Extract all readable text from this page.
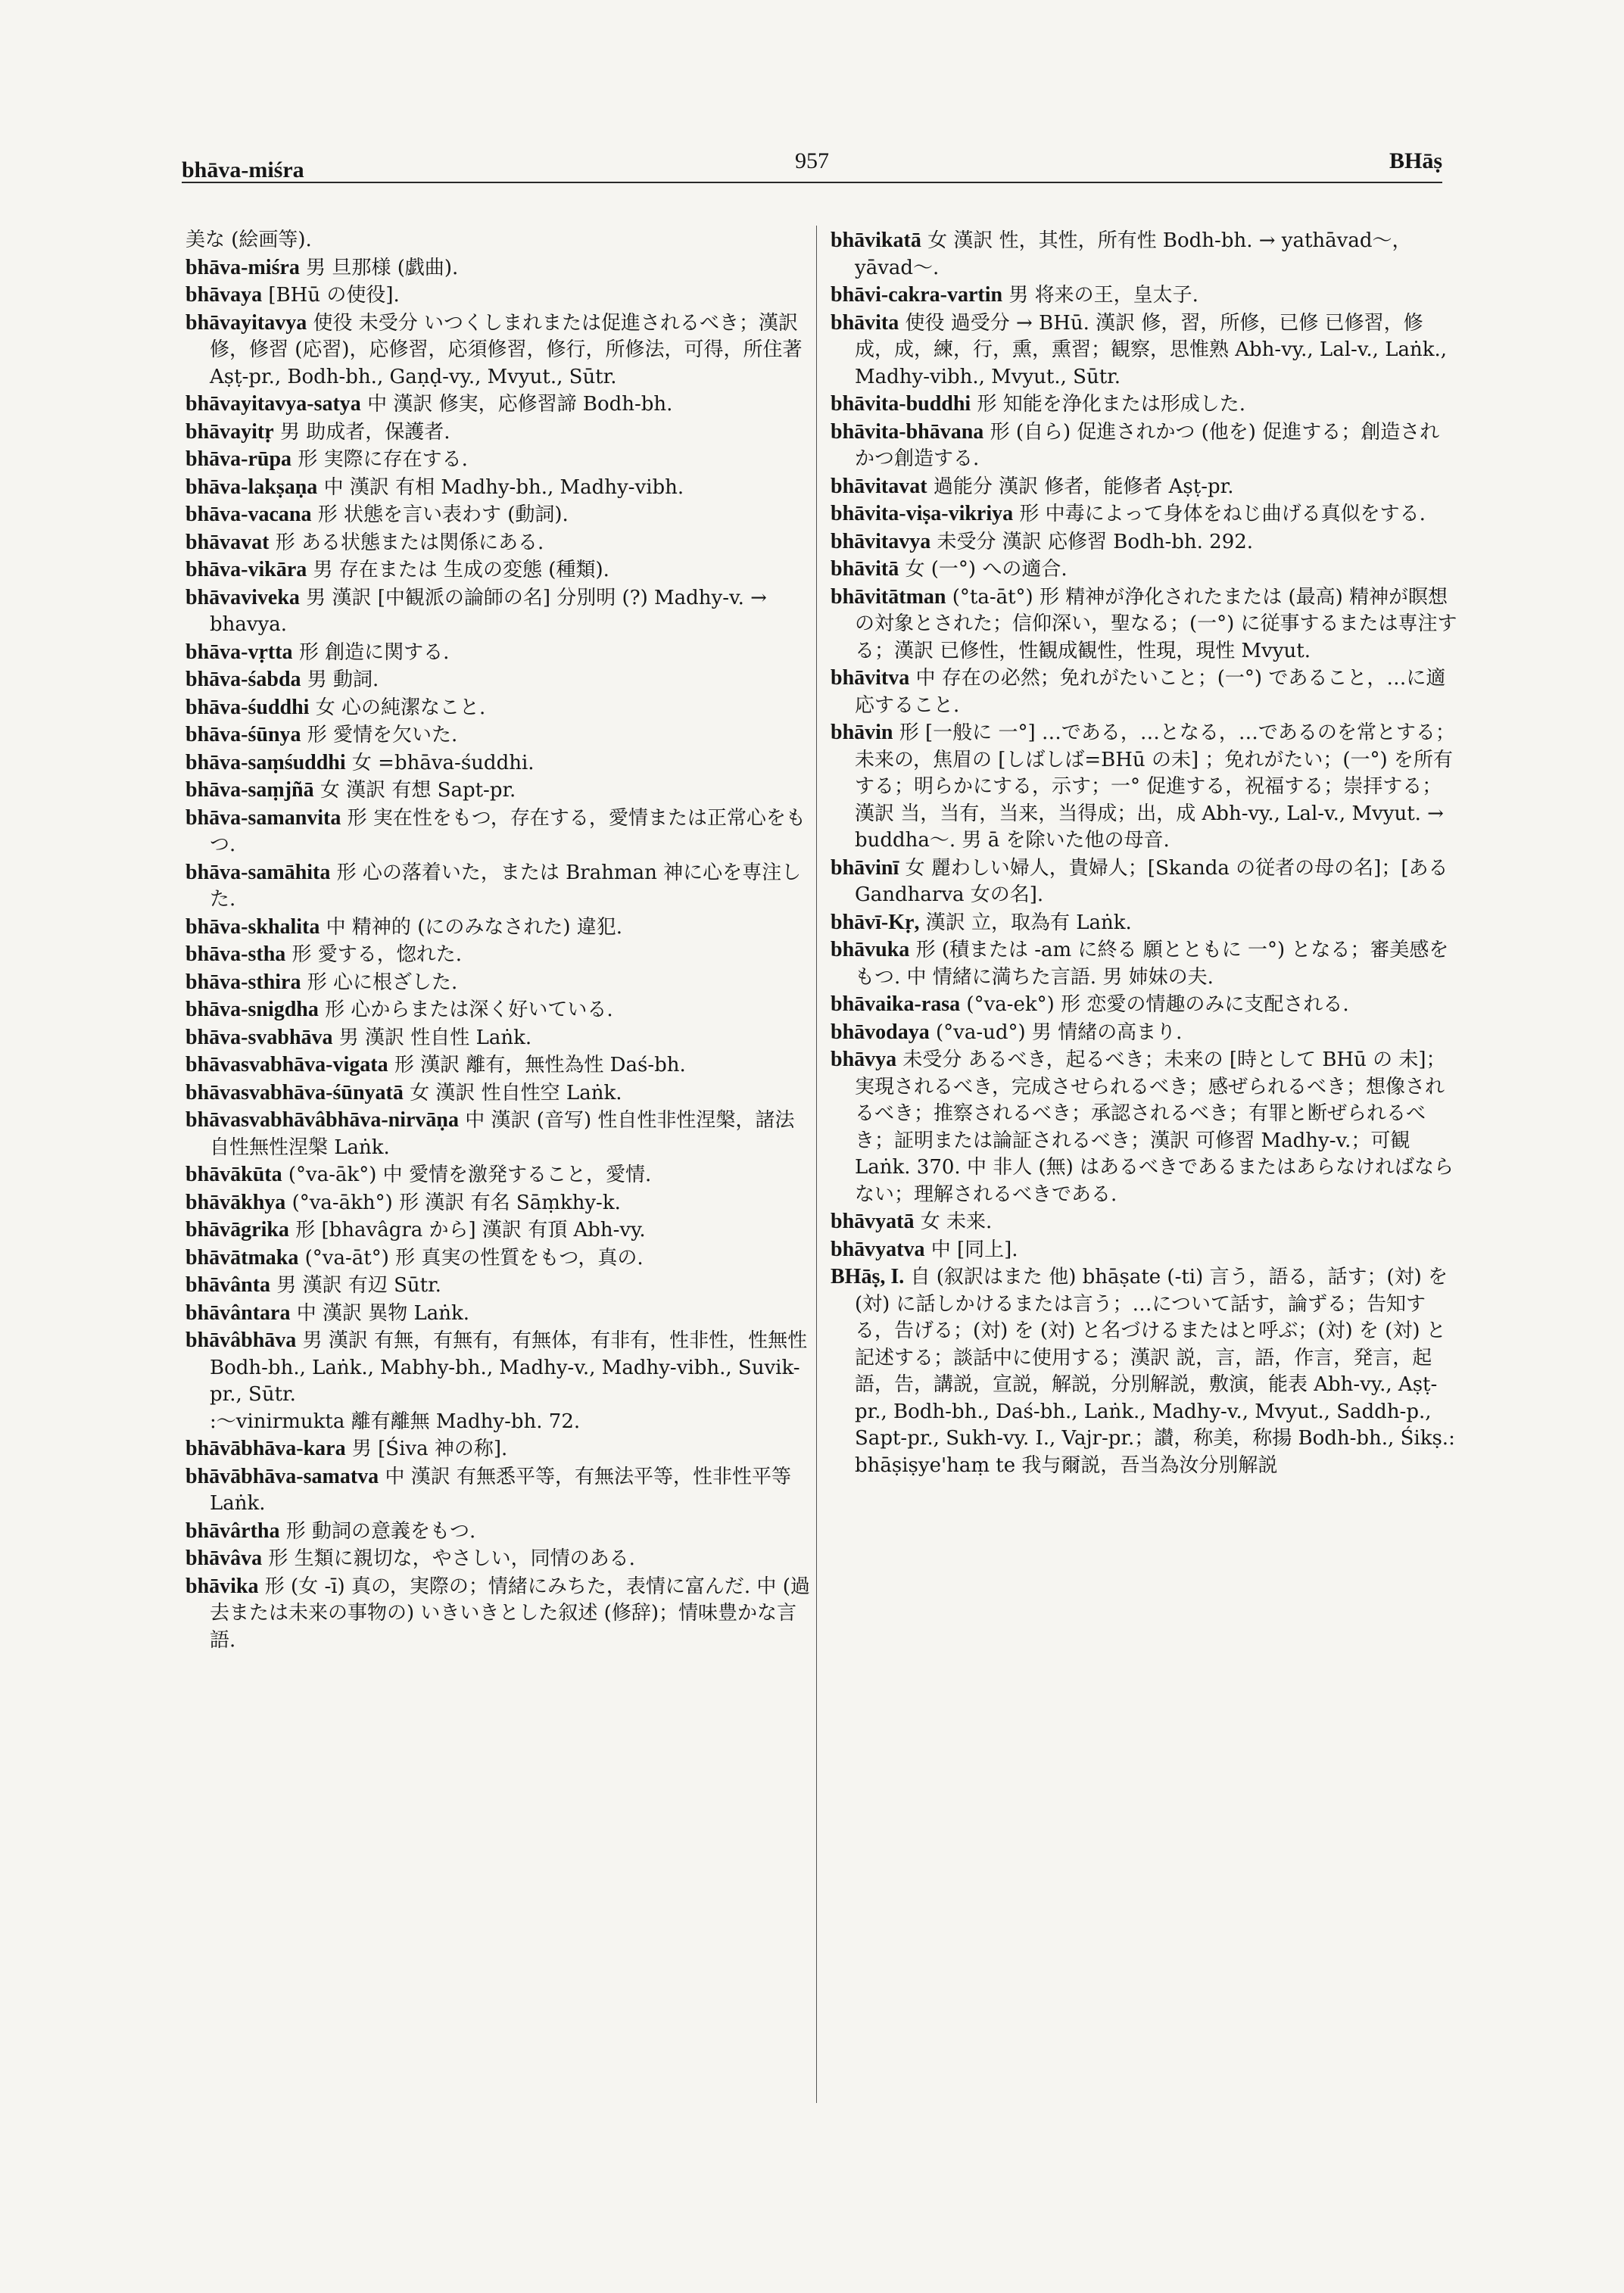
bhāva-miśra	957	BHāṣ

美な (絵画等).

bhāva-miśra 男 旦那様 (戯曲).

bhāvaya [BHū の使役].

bhāvayitavya 使役 未受分 いつくしまれまたは促進されるべき；漢訳 修，修習 (応習)，応修習，応須修習，修行，所修法，可得，所住著 Aṣṭ-pr., Bodh-bh., Gaṇḍ-vy., Mvyut., Sūtr.

bhāvayitavya-satya 中 漢訳 修実，応修習諦 Bodh-bh.

bhāvayitṛ 男 助成者，保護者.

bhāva-rūpa 形 実際に存在する.

bhāva-lakṣaṇa 中 漢訳 有相 Madhy-bh., Madhy-vibh.

bhāva-vacana 形 状態を言い表わす (動詞).

bhāvavat 形 ある状態または関係にある.

bhāva-vikāra 男 存在または 生成の変態 (種類).

bhāvaviveka 男 漢訳 [中観派の論師の名] 分別明 (?) Madhy-v. → bhavya.

bhāva-vṛtta 形 創造に関する.

bhāva-śabda 男 動詞.

bhāva-śuddhi 女 心の純潔なこと.

bhāva-śūnya 形 愛情を欠いた.

bhāva-saṃśuddhi 女 =bhāva-śuddhi.

bhāva-saṃjñā 女 漢訳 有想 Sapt-pr.

bhāva-samanvita 形 実在性をもつ，存在する，愛情または正常心をもつ.

bhāva-samāhita 形 心の落着いた，または Brahman 神に心を専注した.

bhāva-skhalita 中 精神的 (にのみなされた) 違犯.

bhāva-stha 形 愛する，惚れた.

bhāva-sthira 形 心に根ざした.

bhāva-snigdha 形 心からまたは深く好いている.

bhāva-svabhāva 男 漢訳 性自性 Laṅk.

bhāvasvabhāva-vigata 形 漢訳 離有，無性為性 Daś-bh.

bhāvasvabhāva-śūnyatā 女 漢訳 性自性空 Laṅk.

bhāvasvabhāvâbhāva-nirvāṇa 中 漢訳 (音写) 性自性非性涅槃，諸法自性無性涅槃 Laṅk.

bhāvākūta (°va-āk°) 中 愛情を激発すること，愛情.

bhāvākhya (°va-ākh°) 形 漢訳 有名 Sāṃkhy-k.

bhāvāgrika 形 [bhavâgra から] 漢訳 有頂 Abh-vy.

bhāvātmaka (°va-āt°) 形 真実の性質をもつ，真の.

bhāvânta 男 漢訳 有辺 Sūtr.

bhāvântara 中 漢訳 異物 Laṅk.

bhāvâbhāva 男 漢訳 有無，有無有，有無体，有非有，性非性，性無性 Bodh-bh., Laṅk., Mabhy-bh., Madhy-v., Madhy-vibh., Suvik-pr., Sūtr.

:～vinirmukta 離有離無 Madhy-bh. 72.

bhāvābhāva-kara 男 [Śiva 神の称].

bhāvābhāva-samatva 中 漢訳 有無悉平等，有無法平等，性非性平等 Laṅk.

bhāvârtha 形 動詞の意義をもつ.

bhāvâva 形 生類に親切な，やさしい，同情のある.

bhāvika 形 (女 -ī) 真の，実際の；情緒にみちた，表情に富んだ. 中 (過去または未来の事物の) いきいきとした叙述 (修辞)；情味豊かな言語.

bhāvikatā 女 漢訳 性，其性，所有性 Bodh-bh. → yathāvad～，yāvad～.

bhāvi-cakra-vartin 男 将来の王，皇太子.

bhāvita 使役 過受分 → BHū. 漢訳 修，習，所修，已修 已修習，修成，成，練，行，熏，熏習；観察，思惟熟 Abh-vy., Lal-v., Laṅk., Madhy-vibh., Mvyut., Sūtr.

bhāvita-buddhi 形 知能を浄化または形成した.

bhāvita-bhāvana 形 (自ら) 促進されかつ (他を) 促進する；創造されかつ創造する.

bhāvitavat 過能分 漢訳 修者，能修者 Aṣṭ-pr.

bhāvita-viṣa-vikriya 形 中毒によって身体をねじ曲げる真似をする.

bhāvitavya 未受分 漢訳 応修習 Bodh-bh. 292.

bhāvitā 女 (一°) への適合.

bhāvitātman (°ta-āt°) 形 精神が浄化されたまたは (最高) 精神が瞑想の対象とされた；信仰深い，聖なる；(一°) に従事するまたは専注する；漢訳 已修性，性観成観性，性現，現性 Mvyut.

bhāvitva 中 存在の必然；免れがたいこと；(一°) であること，…に適応すること.

bhāvin 形 [一般に 一°] …である，…となる，…であるのを常とする；未来の，焦眉の [しばしば=BHū の未] ；免れがたい；(一°) を所有する；明らかにする，示す；一° 促進する，祝福する；崇拝する；漢訳 当，当有，当来，当得成；出，成 Abh-vy., Lal-v., Mvyut. → buddha～. 男 ā を除いた他の母音.

bhāvinī 女 麗わしい婦人，貴婦人；[Skanda の従者の母の名]；[ある Gandharva 女の名].

bhāvī-Kṛ, 漢訳 立，取為有 Laṅk.

bhāvuka 形 (積または -am に終る 願とともに 一°) となる；審美感をもつ. 中 情緒に満ちた言語. 男 姉妹の夫.

bhāvaika-rasa (°va-ek°) 形 恋愛の情趣のみに支配される.

bhāvodaya (°va-ud°) 男 情緒の高まり.

bhāvya 未受分 あるべき，起るべき；未来の [時として BHū の 未]；実現されるべき，完成させられるべき；感ぜられるべき；想像されるべき；推察されるべき；承認されるべき；有罪と断ぜられるべき；証明または論証されるべき；漢訳 可修習 Madhy-v.；可観 Laṅk. 370. 中 非人 (無) はあるべきであるまたはあらなければならない；理解されるべきである.

bhāvyatā 女 未来.

bhāvyatva 中 [同上].

BHāṣ, I. 自 (叙訳はまた 他) bhāṣate (-ti) 言う，語る，話す；(対) を (対) に話しかけるまたは言う；…について話す，論ずる；告知する，告げる；(対) を (対) と名づけるまたはと呼ぶ；(対) を (対) と記述する；談話中に使用する；漢訳 説，言，語，作言，発言，起語，告，講説，宣説，解説，分別解説，敷演，能表 Abh-vy., Aṣṭ-pr., Bodh-bh., Daś-bh., Laṅk., Madhy-v., Mvyut., Saddh-p., Sapt-pr., Sukh-vy. I., Vajr-pr.；讃，称美，称揚 Bodh-bh., Śikṣ.: bhāṣiṣye'haṃ te 我与爾説，吾当為汝分別解説
